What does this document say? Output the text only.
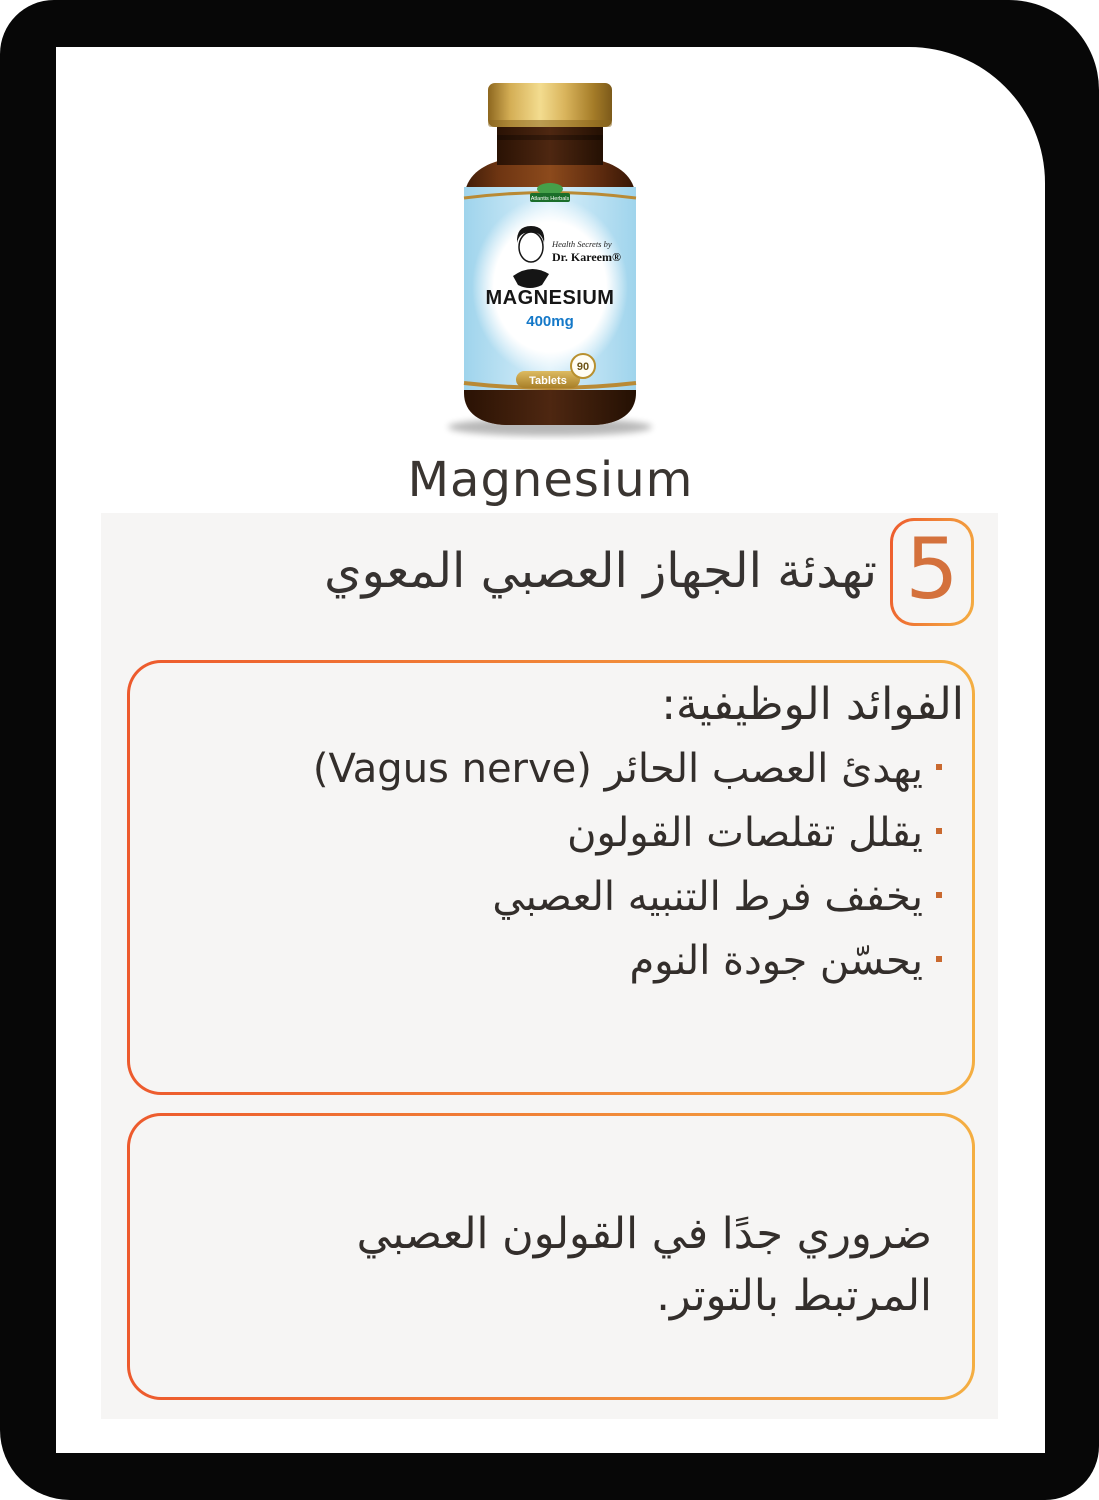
Atlantis Herbals
Health Secrets by
Dr. Kareem®
MAGNESIUM
400mg
Tablets
90
Magnesium
5
تهدئة الجهاز العصبي المعوي
الفوائد الوظيفية:
يهدئ العصب الحائر (Vagus nerve)
يقلل تقلصات القولون
يخفف فرط التنبيه العصبي
يحسّن جودة النوم
ضروري جدًا في القولون العصبي
المرتبط بالتوتر.
